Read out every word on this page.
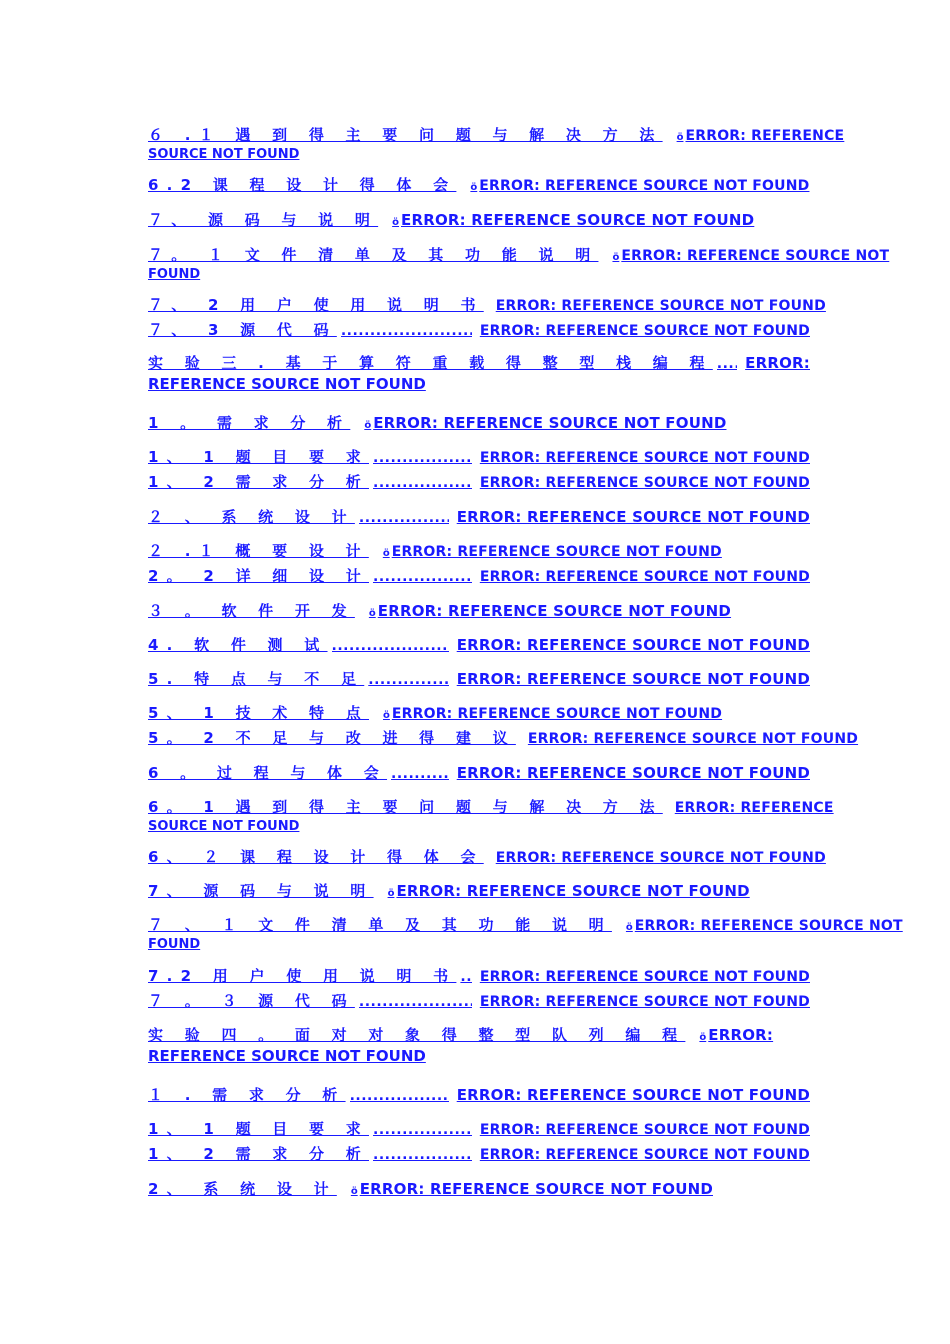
６ .１ 遇 到 得 主 要 问 题 与 解 决 方 法 ö ERROR: REFERENCE
SOURCE NOT FOUND
6.2 课 程 设 计 得 体 会 ö ERROR: REFERENCE SOURCE NOT FOUND
７、 源 码 与 说 明 ö ERROR: REFERENCE SOURCE NOT FOUND
７。 １ 文 件 清 单 及 其 功 能 说 明 ö ERROR: REFERENCE SOURCE NOT
FOUND
７、 2 用 户 使 用 说 明 书 ERROR: REFERENCE SOURCE NOT FOUND
７、 3 源 代 码 .....	ERROR: REFERENCE SOURCE NOT FOUND
实 验 三 . 基 于 算 符 重 载 得 整 型 栈 编 程 ..... ERROR:
REFERENCE SOURCE NOT FOUND
1 。 需 求 分 析 ö ERROR: REFERENCE SOURCE NOT FOUND
1、 1 题 目 要 求 .....	ERROR: REFERENCE SOURCE NOT FOUND
1、 2 需 求 分 析 .....	ERROR: REFERENCE SOURCE NOT FOUND
２ 、 系 统 设 计 .....	ERROR: REFERENCE SOURCE NOT FOUND
２ .１ 概 要 设 计 ö ERROR: REFERENCE SOURCE NOT FOUND
2。 2 详 细 设 计 .....	ERROR: REFERENCE SOURCE NOT FOUND
３ 。 软 件 开 发 ö ERROR: REFERENCE SOURCE NOT FOUND
4. 软 件 测 试 .....	ERROR: REFERENCE SOURCE NOT FOUND
5. 特 点 与 不 足 .....	ERROR: REFERENCE SOURCE NOT FOUND
5、 1 技 术 特 点 ö ERROR: REFERENCE SOURCE NOT FOUND
5。 2 不 足 与 改 进 得 建 议 ERROR: REFERENCE SOURCE NOT FOUND
6 。 过 程 与 体 会 .....	ERROR: REFERENCE SOURCE NOT FOUND
6。 1 遇 到 得 主 要 问 题 与 解 决 方 法 ERROR: REFERENCE
SOURCE NOT FOUND
6、 ２ 课 程 设 计 得 体 会 ERROR: REFERENCE SOURCE NOT FOUND
7、 源 码 与 说 明 ö ERROR: REFERENCE SOURCE NOT FOUND
７ 、 １ 文 件 清 单 及 其 功 能 说 明 ö ERROR: REFERENCE SOURCE NOT
FOUND
7.2 用 户 使 用 说 明 书 ..... ERROR: REFERENCE SOURCE NOT FOUND
７ 。 ３ 源 代 码 .....	ERROR: REFERENCE SOURCE NOT FOUND
实 验 四 。 面 对 对 象 得 整 型 队 列 编 程 ö ERROR:
REFERENCE SOURCE NOT FOUND
１ . 需 求 分 析 .....	ERROR: REFERENCE SOURCE NOT FOUND
1、 1 题 目 要 求 .....	ERROR: REFERENCE SOURCE NOT FOUND
1、 2 需 求 分 析 .....	ERROR: REFERENCE SOURCE NOT FOUND
2、 系 统 设 计 ö ERROR: REFERENCE SOURCE NOT FOUND
